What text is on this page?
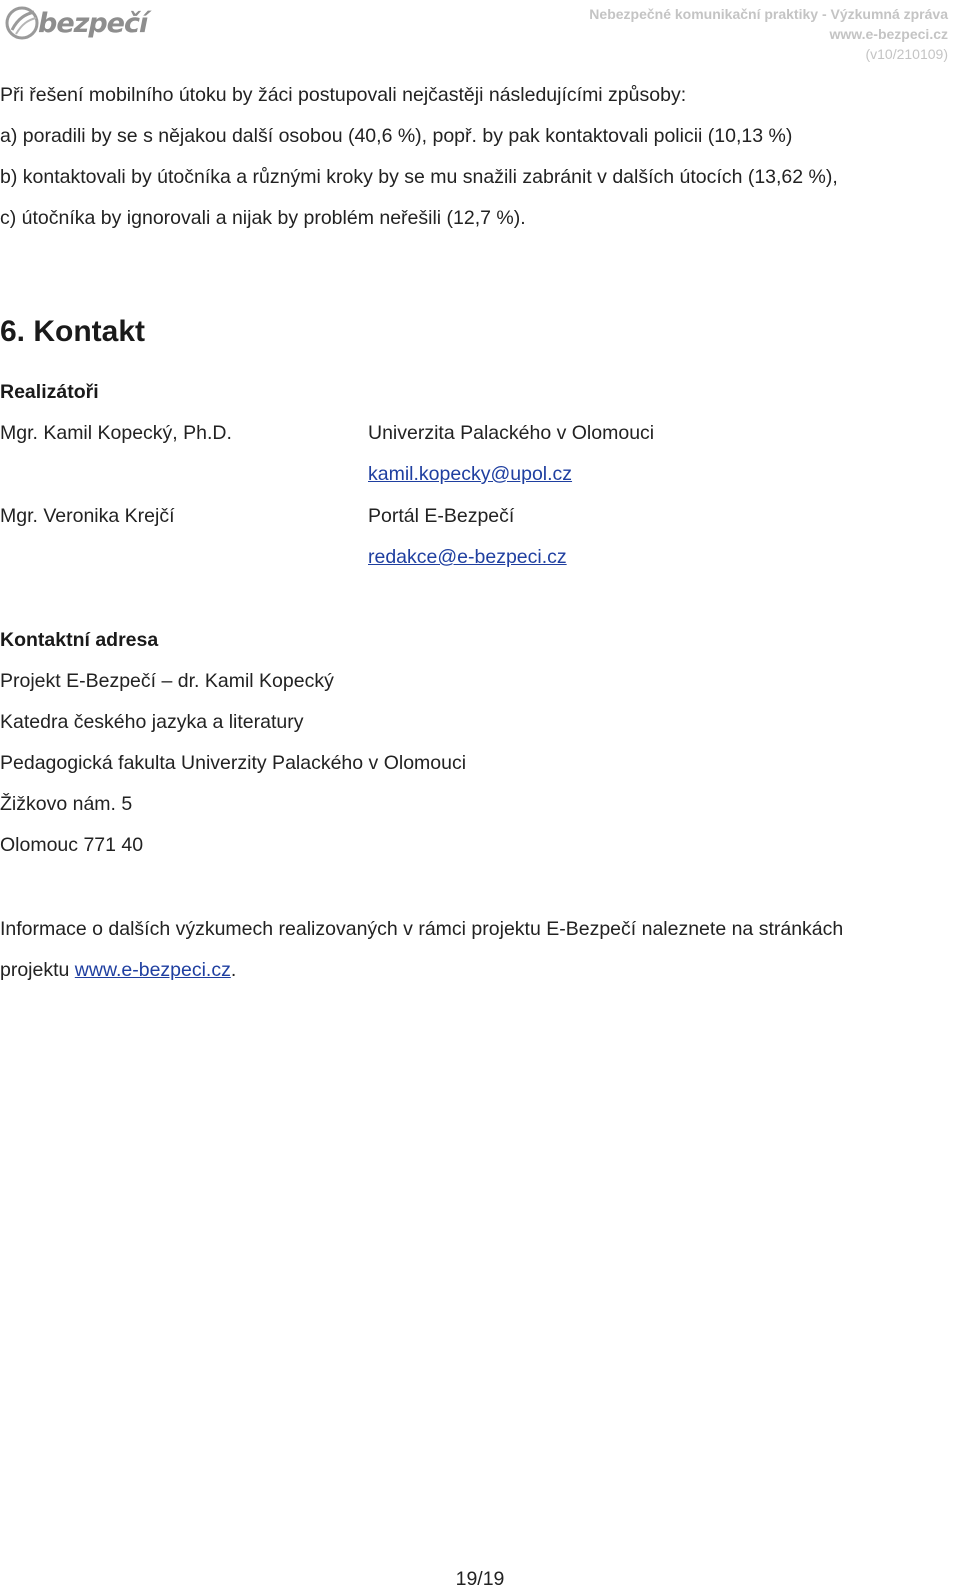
bezpečí	Nebezpečné komunikační praktiky - Výzkumná zpráva
www.e-bezpeci.cz
(v10/210109)
Při řešení mobilního útoku by žáci postupovali nejčastěji následujícími způsoby:
a) poradili by se s nějakou další osobou (40,6 %), popř. by pak kontaktovali policii (10,13 %)
b) kontaktovali by útočníka a různými kroky by se mu snažili zabránit v dalších útocích (13,62 %),
c) útočníka by ignorovali a nijak by problém neřešili (12,7 %).
6. Kontakt
Realizátoři
Mgr. Kamil Kopecký, Ph.D.	Univerzita Palackého v Olomouci
kamil.kopecky@upol.cz
Mgr. Veronika Krejčí	Portál E-Bezpečí
redakce@e-bezpeci.cz
Kontaktní adresa
Projekt E-Bezpečí – dr. Kamil Kopecký
Katedra českého jazyka a literatury
Pedagogická fakulta Univerzity Palackého v Olomouci
Žižkovo nám. 5
Olomouc 771 40
Informace o dalších výzkumech realizovaných v rámci projektu E-Bezpečí naleznete na stránkách
projektu www.e-bezpeci.cz.
19/19
